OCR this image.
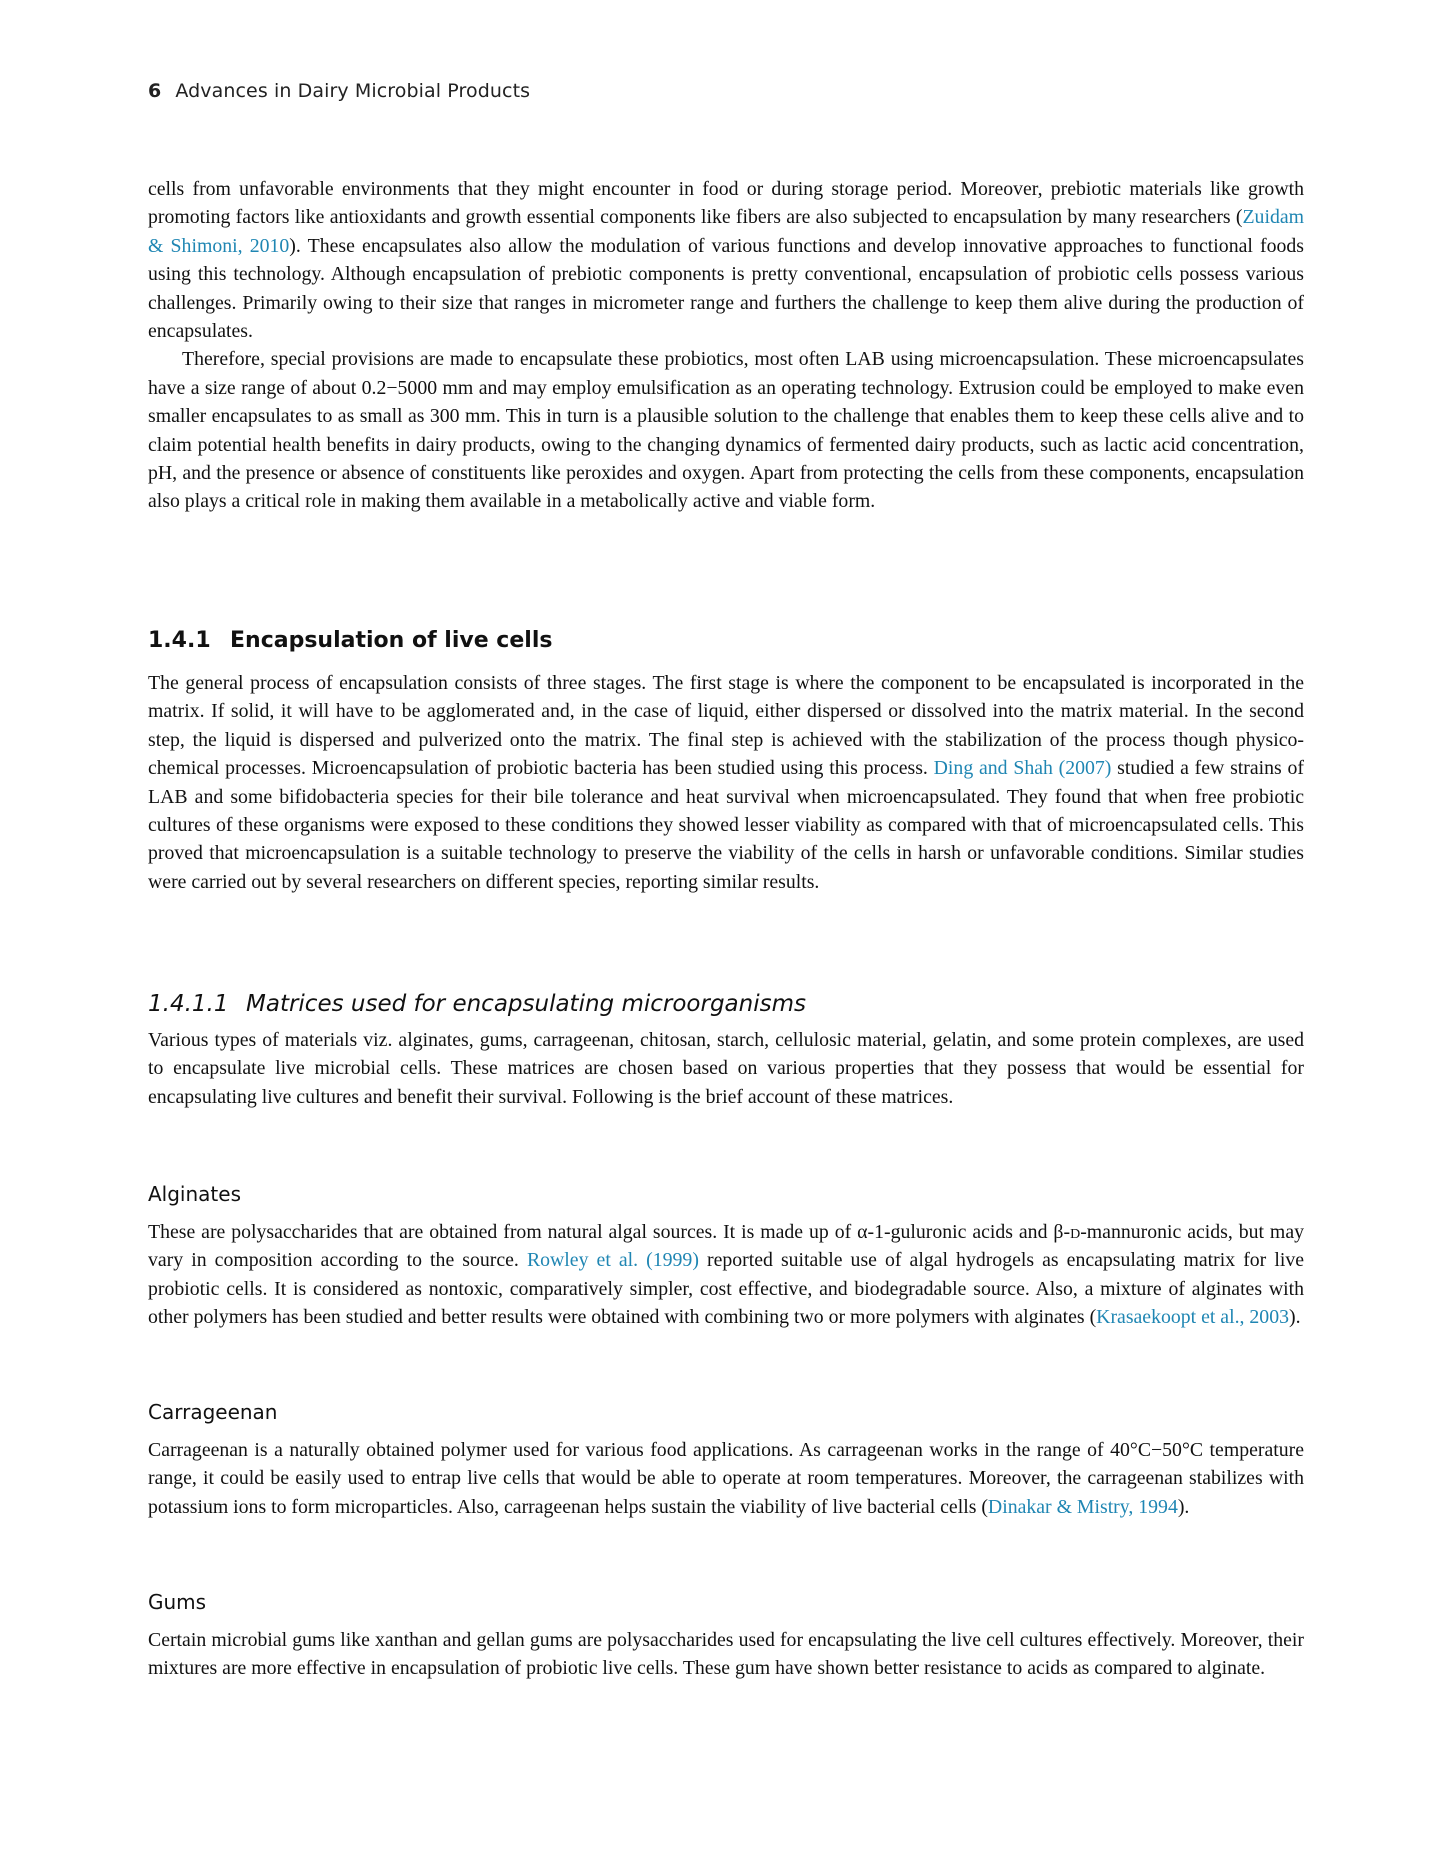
6 Advances in Dairy Microbial Products

cells from unfavorable environments that they might encounter in food or during storage period. Moreover, prebiotic materials like growth promoting factors like antioxidants and growth essential components like fibers are also subjected to encapsulation by many researchers (Zuidam & Shimoni, 2010). These encapsulates also allow the modulation of various functions and develop innovative approaches to functional foods using this technology. Although encapsulation of prebiotic components is pretty conventional, encapsulation of probiotic cells possess various challenges. Primarily owing to their size that ranges in micrometer range and furthers the challenge to keep them alive during the production of encapsulates.

Therefore, special provisions are made to encapsulate these probiotics, most often LAB using microencapsulation. These microencapsulates have a size range of about 0.2−5000 mm and may employ emulsification as an operating technology. Extrusion could be employed to make even smaller encapsulates to as small as 300 mm. This in turn is a plausible solution to the challenge that enables them to keep these cells alive and to claim potential health benefits in dairy products, owing to the changing dynamics of fermented dairy products, such as lactic acid concentration, pH, and the presence or absence of constituents like peroxides and oxygen. Apart from protecting the cells from these components, encapsulation also plays a critical role in making them available in a metabolically active and viable form.

1.4.1 Encapsulation of live cells

The general process of encapsulation consists of three stages. The first stage is where the component to be encapsulated is incorporated in the matrix. If solid, it will have to be agglomerated and, in the case of liquid, either dispersed or dissolved into the matrix material. In the second step, the liquid is dispersed and pulverized onto the matrix. The final step is achieved with the stabilization of the process though physico-chemical processes. Microencapsulation of probiotic bacteria has been studied using this process. Ding and Shah (2007) studied a few strains of LAB and some bifidobacteria species for their bile tolerance and heat survival when microencapsulated. They found that when free probiotic cultures of these organisms were exposed to these conditions they showed lesser viability as compared with that of microencapsulated cells. This proved that microencapsulation is a suitable technology to preserve the viability of the cells in harsh or unfavorable conditions. Similar studies were carried out by several researchers on different species, reporting similar results.

1.4.1.1 Matrices used for encapsulating microorganisms

Various types of materials viz. alginates, gums, carrageenan, chitosan, starch, cellulosic material, gelatin, and some protein complexes, are used to encapsulate live microbial cells. These matrices are chosen based on various properties that they possess that would be essential for encapsulating live cultures and benefit their survival. Following is the brief account of these matrices.

Alginates

These are polysaccharides that are obtained from natural algal sources. It is made up of α-1-guluronic acids and β-d-mannuronic acids, but may vary in composition according to the source. Rowley et al. (1999) reported suitable use of algal hydrogels as encapsulating matrix for live probiotic cells. It is considered as nontoxic, comparatively simpler, cost effective, and biodegradable source. Also, a mixture of alginates with other polymers has been studied and better results were obtained with combining two or more polymers with alginates (Krasaekoopt et al., 2003).

Carrageenan

Carrageenan is a naturally obtained polymer used for various food applications. As carrageenan works in the range of 40°C−50°C temperature range, it could be easily used to entrap live cells that would be able to operate at room temperatures. Moreover, the carrageenan stabilizes with potassium ions to form microparticles. Also, carrageenan helps sustain the viability of live bacterial cells (Dinakar & Mistry, 1994).

Gums

Certain microbial gums like xanthan and gellan gums are polysaccharides used for encapsulating the live cell cultures effectively. Moreover, their mixtures are more effective in encapsulation of probiotic live cells. These gum have shown better resistance to acids as compared to alginate.
